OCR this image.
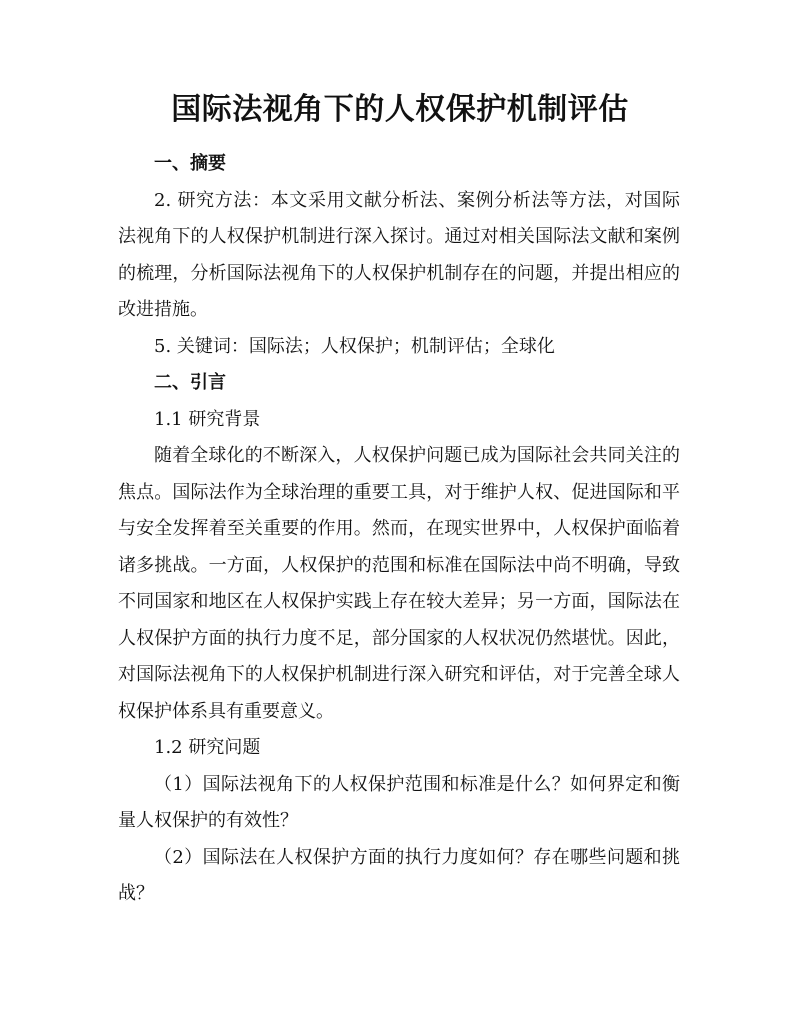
国际法视角下的人权保护机制评估

一、摘要

2. 研究方法：本文采用文献分析法、案例分析法等方法，对国际法视角下的人权保护机制进行深入探讨。通过对相关国际法文献和案例的梳理，分析国际法视角下的人权保护机制存在的问题，并提出相应的改进措施。

5. 关键词：国际法；人权保护；机制评估；全球化

二、引言

1.1 研究背景

随着全球化的不断深入，人权保护问题已成为国际社会共同关注的焦点。国际法作为全球治理的重要工具，对于维护人权、促进国际和平与安全发挥着至关重要的作用。然而，在现实世界中，人权保护面临着诸多挑战。一方面，人权保护的范围和标准在国际法中尚不明确，导致不同国家和地区在人权保护实践上存在较大差异；另一方面，国际法在人权保护方面的执行力度不足，部分国家的人权状况仍然堪忧。因此，对国际法视角下的人权保护机制进行深入研究和评估，对于完善全球人权保护体系具有重要意义。

1.2 研究问题

（1）国际法视角下的人权保护范围和标准是什么？如何界定和衡量人权保护的有效性？

（2）国际法在人权保护方面的执行力度如何？存在哪些问题和挑战？
